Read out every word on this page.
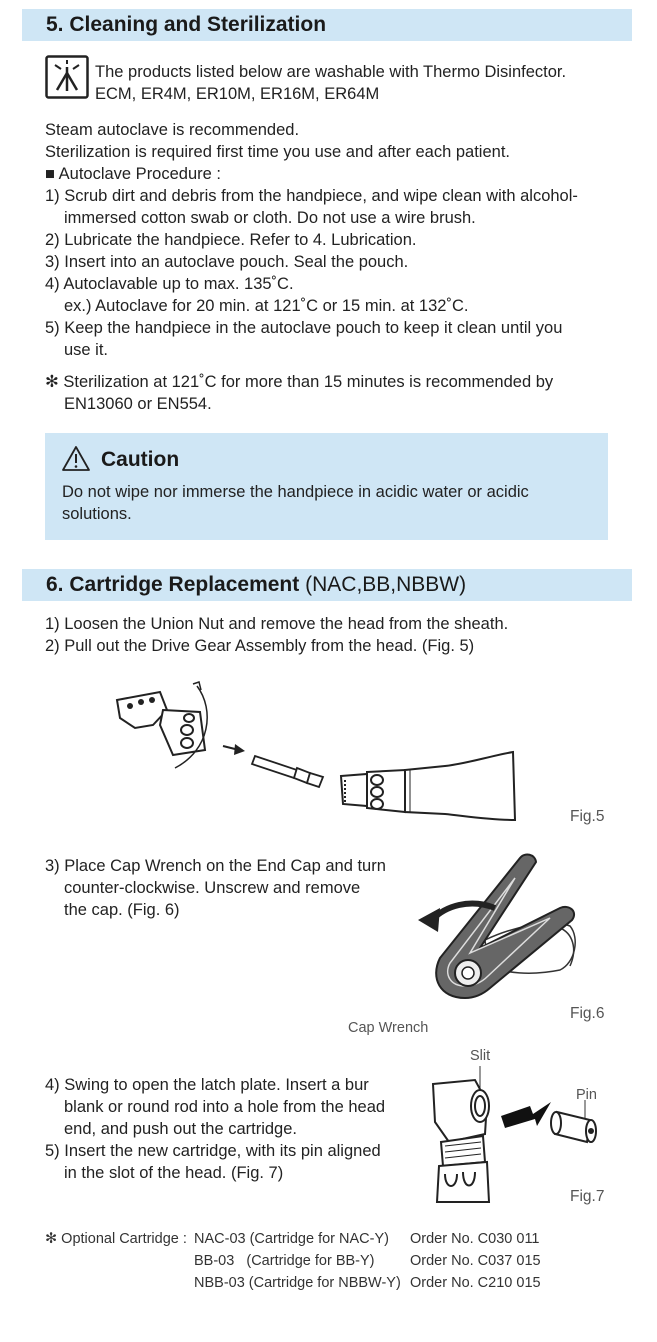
5. Cleaning and Sterilization
The products listed below are washable with Thermo Disinfector.
ECM, ER4M, ER10M, ER16M, ER64M
Steam autoclave is recommended.
Sterilization is required first time you use and after each patient.
■ Autoclave Procedure :
1) Scrub dirt and debris from the handpiece, and wipe clean with alcohol-
immersed cotton swab or cloth. Do not use a wire brush.
2) Lubricate the handpiece. Refer to 4. Lubrication.
3) Insert into an autoclave pouch. Seal the pouch.
4) Autoclavable up to max. 135˚C.
ex.) Autoclave for 20 min. at 121˚C or 15 min. at 132˚C.
5) Keep the handpiece in the autoclave pouch to keep it clean until you
use it.
✻ Sterilization at 121˚C for more than 15 minutes is recommended by
EN13060 or EN554.
Caution
Do not wipe nor immerse the handpiece in acidic water or acidic
solutions.
6. Cartridge Replacement (NAC,BB,NBBW)
1) Loosen the Union Nut and remove the head from the sheath.
2) Pull out the Drive Gear Assembly from the head. (Fig. 5)
Fig.5
3) Place Cap Wrench on the End Cap and turn
counter-clockwise. Unscrew and remove
the cap. (Fig. 6)
Cap Wrench
Fig.6
Slit
Pin
4) Swing to open the latch plate. Insert a bur
blank or round rod into a hole from the head
end, and push out the cartridge.
5) Insert the new cartridge, with its pin aligned
in the slot of the head. (Fig. 7)
Fig.7
✻ Optional Cartridge : NAC-03 (Cartridge for NAC-Y) Order No. C030 011
BB-03   (Cartridge for BB-Y) Order No. C037 015
NBB-03 (Cartridge for NBBW-Y) Order No. C210 015
